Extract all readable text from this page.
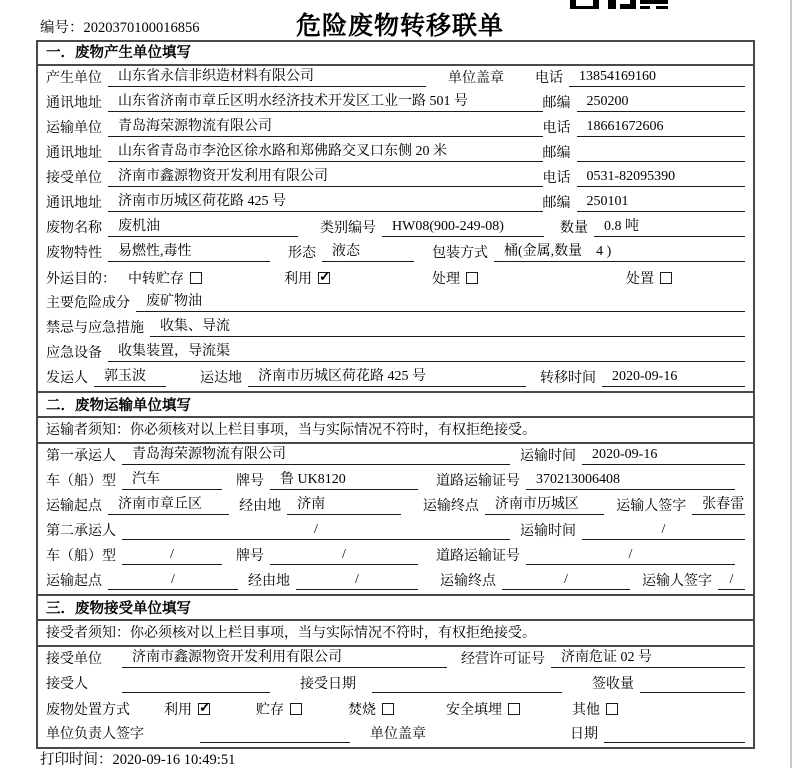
编号：2020370100016856	危险废物转移联单
一．废物产生单位填写
产生单位	山东省永信非织造材料有限公司	单位盖章	电话	13854169160
通讯地址	山东省济南市章丘区明水经济技术开发区工业一路 501 号	邮编	250200
运输单位	青岛海荣源物流有限公司	电话	18661672606
通讯地址	山东省青岛市李沧区徐水路和郑佛路交叉口东侧 20 米	邮编
接受单位	济南市鑫源物资开发利用有限公司	电话	0531-82095390
通讯地址	济南市历城区荷花路 425 号	邮编	250101
废物名称	废机油	类别编号	HW08(900-249-08)	数量	0.8 吨
废物特性	易燃性,毒性	形态	液态	包装方式	桶(金属,数量　4 )
外运目的： 中转贮存	利用 ✓	处理	处置
主要危险成分	废矿物油
禁忌与应急措施	收集、导流
应急设备	收集装置，导流渠
发运人	郭玉波	运达地	济南市历城区荷花路 425 号	转移时间	2020-09-16
二．废物运输单位填写
运输者须知：你必须核对以上栏目事项，当与实际情况不符时，有权拒绝接受。
第一承运人	青岛海荣源物流有限公司	运输时间	2020-09-16
车（船）型	汽车	牌号	鲁 UK8120	道路运输证号	370213006408
运输起点	济南市章丘区	经由地	济南	运输终点	济南市历城区	运输人签字	张春雷
第二承运人	/	运输时间	/
车（船）型	/	牌号	/	道路运输证号	/
运输起点	/	经由地	/	运输终点	/	运输人签字	/
三．废物接受单位填写
接受者须知：你必须核对以上栏目事项，当与实际情况不符时，有权拒绝接受。
接受单位	济南市鑫源物资开发利用有限公司	经营许可证号	济南危证 02 号
接受人	接受日期	签收量
废物处置方式	利用 ✓	贮存	焚烧	安全填埋	其他
单位负责人签字	单位盖章	日期
打印时间：2020-09-16 10:49:51
